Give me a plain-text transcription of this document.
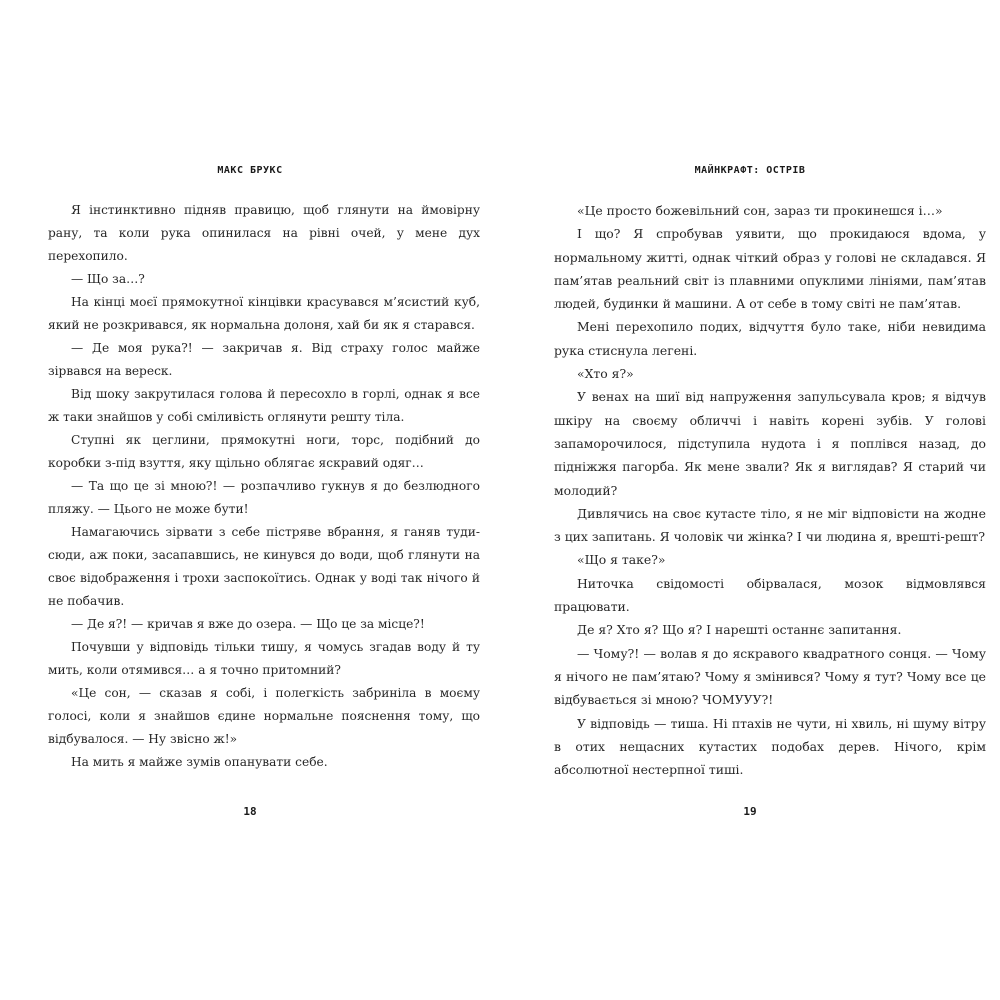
МАКС БРУКС

Я інстинктивно підняв правицю, щоб глянути на ймовірну рану, та коли рука опинилася на рівні очей, у мене дух перехопило.

— Що за…?

На кінці моєї прямокутної кінцівки красувався м’ясистий куб, який не розкривався, як нормальна долоня, хай би як я старався.

— Де моя рука?! — закричав я. Від страху голос майже зірвався на вереск.

Від шоку закрутилася голова й пересохло в горлі, однак я все ж таки знайшов у собі сміливість оглянути решту тіла.

Ступні як цеглини, прямокутні ноги, торс, подібний до коробки з-під взуття, яку щільно облягає яскравий одяг…

— Та що це зі мною?! — розпачливо гукнув я до безлюдного пляжу. — Цього не може бути!

Намагаючись зірвати з себе пістряве вбрання, я ганяв туди-сюди, аж поки, засапавшись, не кинувся до води, щоб глянути на своє відображення і трохи заспокоїтись. Однак у воді так нічого й не побачив.

— Де я?! — кричав я вже до озера. — Що це за місце?!

Почувши у відповідь тільки тишу, я чомусь згадав воду й ту мить, коли отямився… а я точно притомний?

«Це сон, — сказав я собі, і полегкість забриніла в моєму голосі, коли я знайшов єдине нормальне пояснення тому, що відбувалося. — Ну звісно ж!»

На мить я майже зумів опанувати себе.

18
МАЙНКРАФТ: ОСТРІВ

«Це просто божевільний сон, зараз ти прокинешся і…»

І що? Я спробував уявити, що прокидаюся вдома, у нормальному житті, однак чіткий образ у голові не складався. Я пам’ятав реальний світ із плавними опуклими лініями, пам’ятав людей, будинки й машини. А от себе в тому світі не пам’ятав.

Мені перехопило подих, відчуття було таке, ніби невидима рука стиснула легені.

«Хто я?»

У венах на шиї від напруження запульсувала кров; я відчув шкіру на своєму обличчі і навіть корені зубів. У голові запаморочилося, підступила нудота і я поплівся назад, до підніжжя пагорба. Як мене звали? Як я виглядав? Я старий чи молодий?

Дивлячись на своє кутасте тіло, я не міг відповісти на жодне з цих запитань. Я чоловік чи жінка? І чи людина я, врешті-решт?

«Що я таке?»

Ниточка свідомості обірвалася, мозок відмовлявся працювати.

Де я? Хто я? Що я? І нарешті останнє запитання.

— Чому?! — волав я до яскравого квадратного сонця. — Чому я нічого не пам’ятаю? Чому я змінився? Чому я тут? Чому все це відбувається зі мною? ЧОМУУУ?!

У відповідь — тиша. Ні птахів не чути, ні хвиль, ні шуму вітру в отих нещасних кутастих подобах дерев. Нічого, крім абсолютної нестерпної тиші.

19
